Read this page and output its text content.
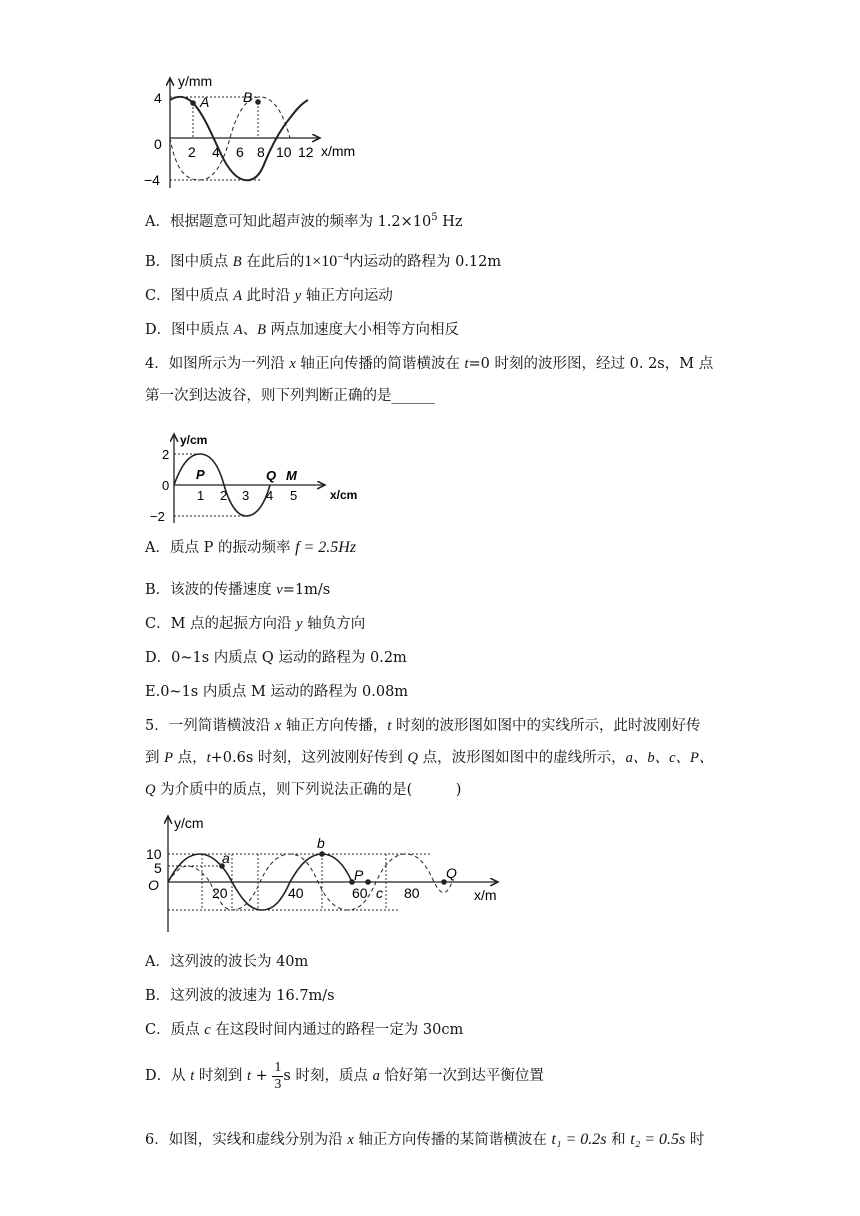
y/mm
x/mm
4
0
−4
2 4 6 8 10 12
A B
A．根据题意可知此超声波的频率为 $1.2\times 10^5$ Hz
B．图中质点 B 在此后的$1\times 10^{-4}$内运动的路程为 0.12m
C．图中质点 A 此时沿 y 轴正方向运动
D．图中质点 A、B 两点加速度大小相等方向相反
4．如图所示为一列沿 x 轴正向传播的简谐横波在 t=0 时刻的波形图，经过 0. 2s，M 点
第一次到达波谷，则下列判断正确的是______
y/cm
x/cm
2
0
−2
1 2 3 4 5
P	Q M
A．质点 P 的振动频率 f = 2.5Hz
B．该波的传播速度 v=1m/s
C．M 点的起振方向沿 y 轴负方向
D．0~1s 内质点 Q 运动的路程为 0.2m
E.0~1s 内质点 M 运动的路程为 0.08m
5．一列简谐横波沿 x 轴正方向传播，t 时刻的波形图如图中的实线所示，此时波刚好传
到 P 点，t+0.6s 时刻，这列波刚好传到 Q 点，波形图如图中的虚线所示，a、b、c、P、
Q 为介质中的质点，则下列说法正确的是(　　　)
y/cm
x/m
10
5
O	20	40	60	80
a
b
P
c
Q
A．这列波的波长为 40m
B．这列波的波速为 16.7m/s
C．质点 c 在这段时间内通过的路程一定为 30cm
D．从 t 时刻到 $t + \frac{1}{3}$ s 时刻，质点 a 恰好第一次到达平衡位置
6．如图，实线和虚线分别为沿 x 轴正方向传播的某简谐横波在 t₁ = 0.2s 和 t₂ = 0.5s 时
